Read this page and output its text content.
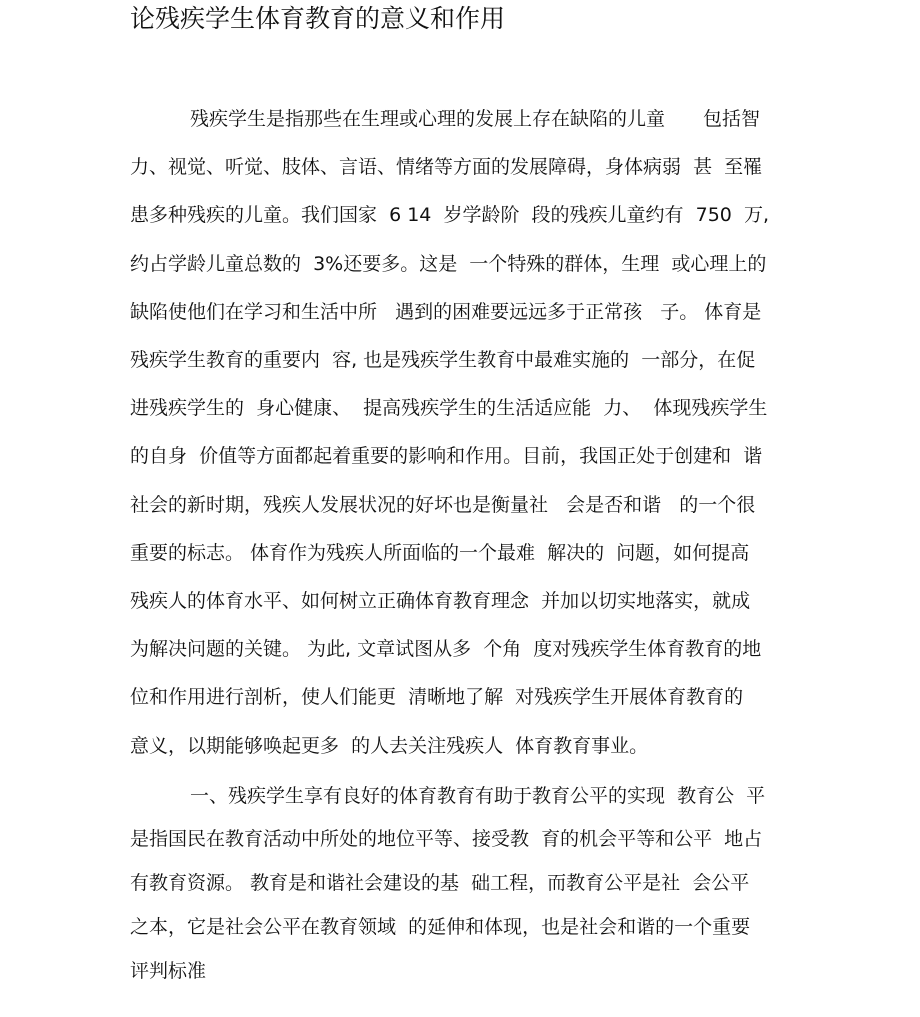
论残疾学生体育教育的意义和作用
残疾学生是指那些在生理或心理的发展上存在缺陷的儿童　　包括智
力、视觉、听觉、肢体、言语、情绪等方面的发展障碍，身体病弱  甚  至罹
患多种残疾的儿童。我们国家  6 14  岁学龄阶  段的残疾儿童约有  750  万,
约占学龄儿童总数的  3%还要多。这是  一个特殊的群体，生理  或心理上的
缺陷使他们在学习和生活中所   遇到的困难要远远多于正常孩   子。 体育是
残疾学生教育的重要内  容, 也是残疾学生教育中最难实施的  一部分，在促
进残疾学生的  身心健康、  提高残疾学生的生活适应能  力、  体现残疾学生
的自身  价值等方面都起着重要的影响和作用。目前，我国正处于创建和  谐
社会的新时期，残疾人发展状况的好坏也是衡量社   会是否和谐   的一个很
重要的标志。 体育作为残疾人所面临的一个最难  解决的  问题，如何提高
残疾人的体育水平、如何树立正确体育教育理念  并加以切实地落实，就成
为解决问题的关键。 为此, 文章试图从多  个角  度对残疾学生体育教育的地
位和作用进行剖析，使人们能更  清晰地了解  对残疾学生开展体育教育的
意义，以期能够唤起更多  的人去关注残疾人  体育教育事业。
一、残疾学生享有良好的体育教育有助于教育公平的实现  教育公  平
是指国民在教育活动中所处的地位平等、接受教  育的机会平等和公平  地占
有教育资源。 教育是和谐社会建设的基  础工程，而教育公平是社  会公平
之本，它是社会公平在教育领域  的延伸和体现，也是社会和谐的一个重要
评判标准
